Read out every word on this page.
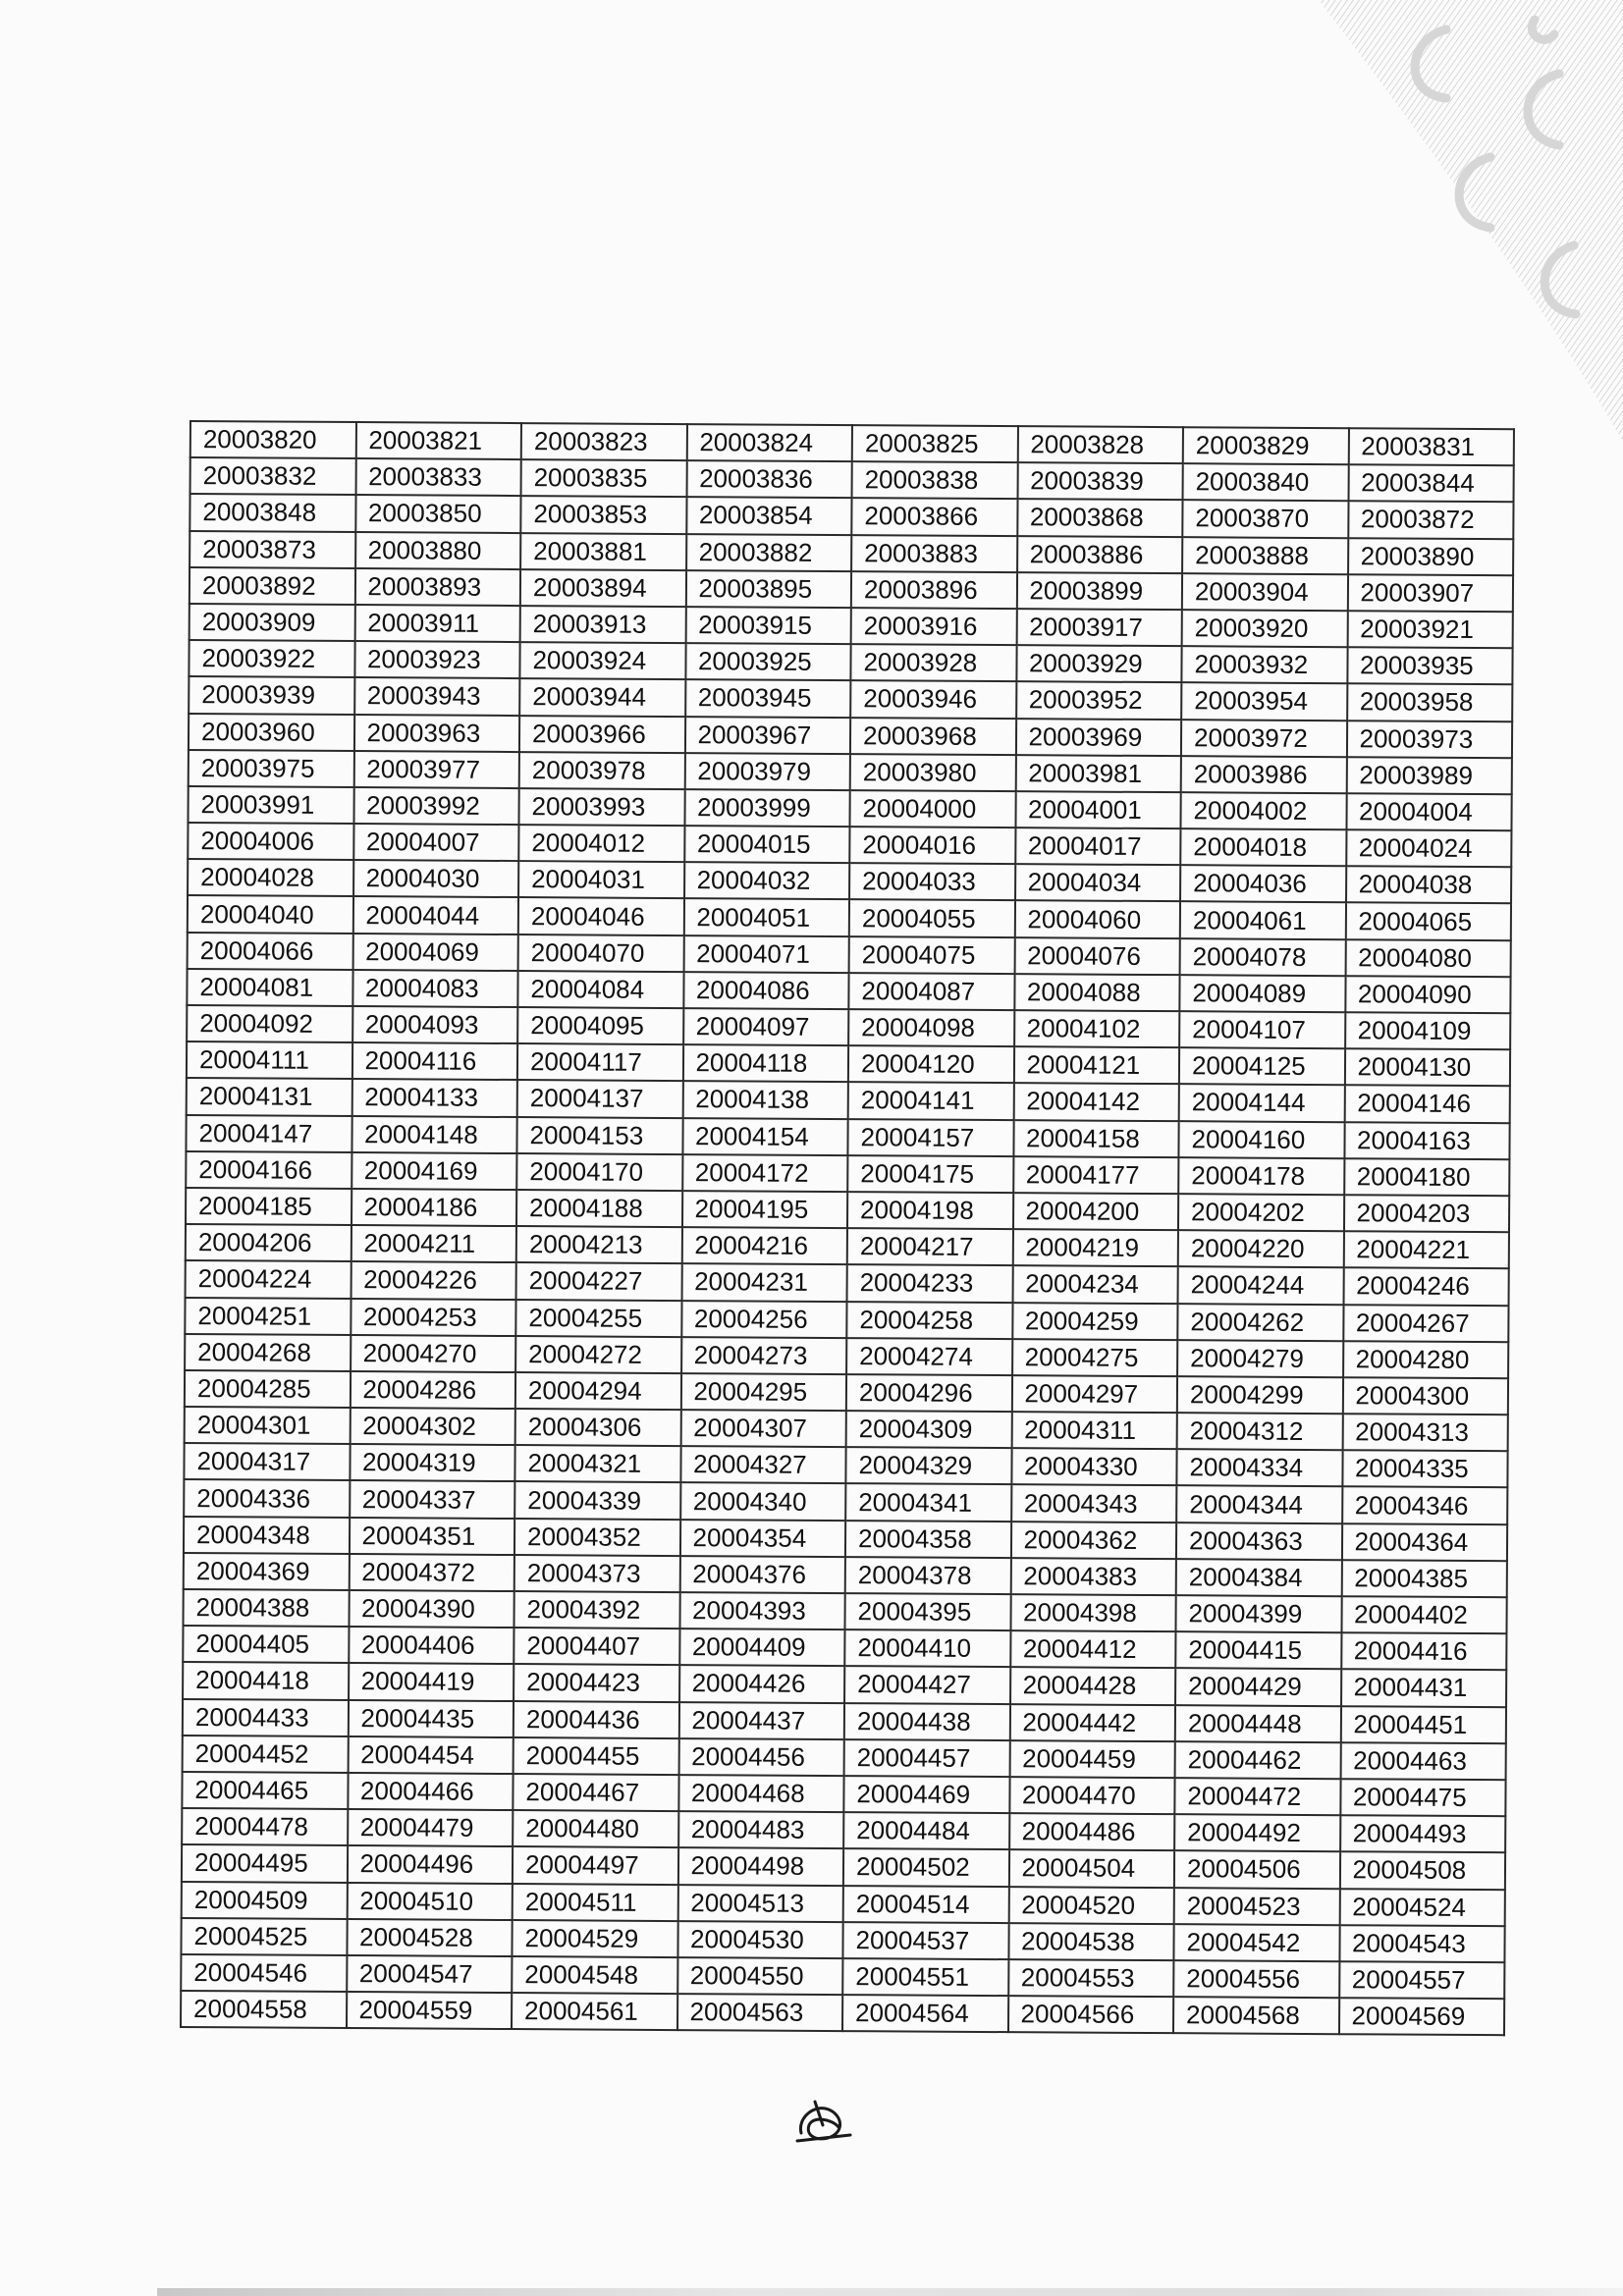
20003820	20003821	20003823	20003824	20003825	20003828	20003829	20003831
20003832	20003833	20003835	20003836	20003838	20003839	20003840	20003844
20003848	20003850	20003853	20003854	20003866	20003868	20003870	20003872
20003873	20003880	20003881	20003882	20003883	20003886	20003888	20003890
20003892	20003893	20003894	20003895	20003896	20003899	20003904	20003907
20003909	20003911	20003913	20003915	20003916	20003917	20003920	20003921
20003922	20003923	20003924	20003925	20003928	20003929	20003932	20003935
20003939	20003943	20003944	20003945	20003946	20003952	20003954	20003958
20003960	20003963	20003966	20003967	20003968	20003969	20003972	20003973
20003975	20003977	20003978	20003979	20003980	20003981	20003986	20003989
20003991	20003992	20003993	20003999	20004000	20004001	20004002	20004004
20004006	20004007	20004012	20004015	20004016	20004017	20004018	20004024
20004028	20004030	20004031	20004032	20004033	20004034	20004036	20004038
20004040	20004044	20004046	20004051	20004055	20004060	20004061	20004065
20004066	20004069	20004070	20004071	20004075	20004076	20004078	20004080
20004081	20004083	20004084	20004086	20004087	20004088	20004089	20004090
20004092	20004093	20004095	20004097	20004098	20004102	20004107	20004109
20004111	20004116	20004117	20004118	20004120	20004121	20004125	20004130
20004131	20004133	20004137	20004138	20004141	20004142	20004144	20004146
20004147	20004148	20004153	20004154	20004157	20004158	20004160	20004163
20004166	20004169	20004170	20004172	20004175	20004177	20004178	20004180
20004185	20004186	20004188	20004195	20004198	20004200	20004202	20004203
20004206	20004211	20004213	20004216	20004217	20004219	20004220	20004221
20004224	20004226	20004227	20004231	20004233	20004234	20004244	20004246
20004251	20004253	20004255	20004256	20004258	20004259	20004262	20004267
20004268	20004270	20004272	20004273	20004274	20004275	20004279	20004280
20004285	20004286	20004294	20004295	20004296	20004297	20004299	20004300
20004301	20004302	20004306	20004307	20004309	20004311	20004312	20004313
20004317	20004319	20004321	20004327	20004329	20004330	20004334	20004335
20004336	20004337	20004339	20004340	20004341	20004343	20004344	20004346
20004348	20004351	20004352	20004354	20004358	20004362	20004363	20004364
20004369	20004372	20004373	20004376	20004378	20004383	20004384	20004385
20004388	20004390	20004392	20004393	20004395	20004398	20004399	20004402
20004405	20004406	20004407	20004409	20004410	20004412	20004415	20004416
20004418	20004419	20004423	20004426	20004427	20004428	20004429	20004431
20004433	20004435	20004436	20004437	20004438	20004442	20004448	20004451
20004452	20004454	20004455	20004456	20004457	20004459	20004462	20004463
20004465	20004466	20004467	20004468	20004469	20004470	20004472	20004475
20004478	20004479	20004480	20004483	20004484	20004486	20004492	20004493
20004495	20004496	20004497	20004498	20004502	20004504	20004506	20004508
20004509	20004510	20004511	20004513	20004514	20004520	20004523	20004524
20004525	20004528	20004529	20004530	20004537	20004538	20004542	20004543
20004546	20004547	20004548	20004550	20004551	20004553	20004556	20004557
20004558	20004559	20004561	20004563	20004564	20004566	20004568	20004569
